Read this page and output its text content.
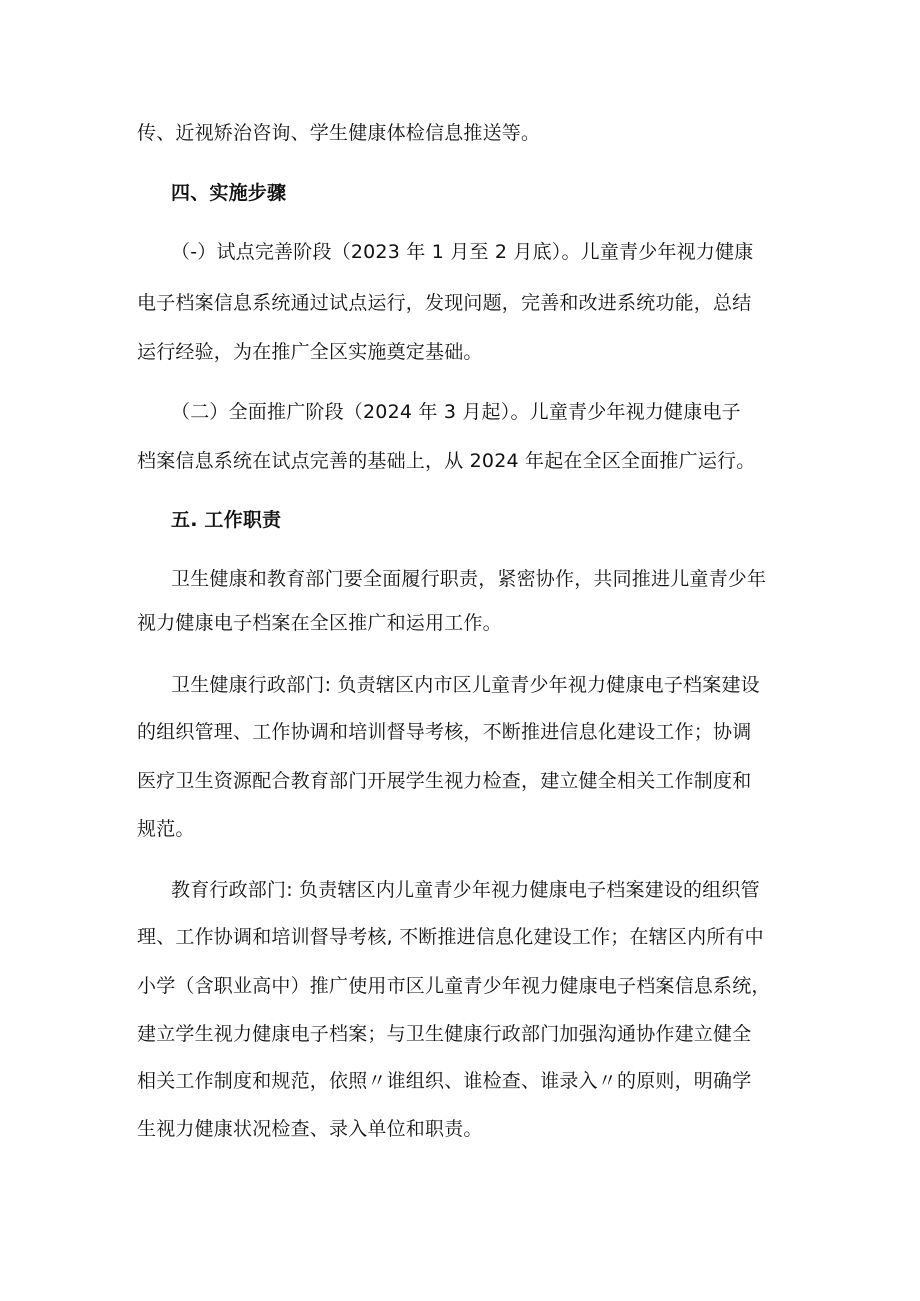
传、近视矫治咨询、学生健康体检信息推送等。
四、实施步骤
（-）试点完善阶段（2023 年 1 月至 2 月底）。儿童青少年视力健康
电子档案信息系统通过试点运行，发现问题，完善和改进系统功能，总结
运行经验，为在推广全区实施奠定基础。
（二）全面推广阶段（2024 年 3 月起）。儿童青少年视力健康电子
档案信息系统在试点完善的基础上，从 2024 年起在全区全面推广运行。
五. 工作职责
卫生健康和教育部门要全面履行职责，紧密协作，共同推进儿童青少年
视力健康电子档案在全区推广和运用工作。
卫生健康行政部门: 负责辖区内市区儿童青少年视力健康电子档案建设
的组织管理、工作协调和培训督导考核，不断推进信息化建设工作；协调
医疗卫生资源配合教育部门开展学生视力检查，建立健全相关工作制度和
规范。
教育行政部门: 负责辖区内儿童青少年视力健康电子档案建设的组织管
理、工作协调和培训督导考核, 不断推进信息化建设工作；在辖区内所有中
小学（含职业高中）推广使用市区儿童青少年视力健康电子档案信息系统，
建立学生视力健康电子档案；与卫生健康行政部门加强沟通协作建立健全
相关工作制度和规范，依照〃谁组织、谁检查、谁录入〃的原则，明确学
生视力健康状况检查、录入单位和职责。
